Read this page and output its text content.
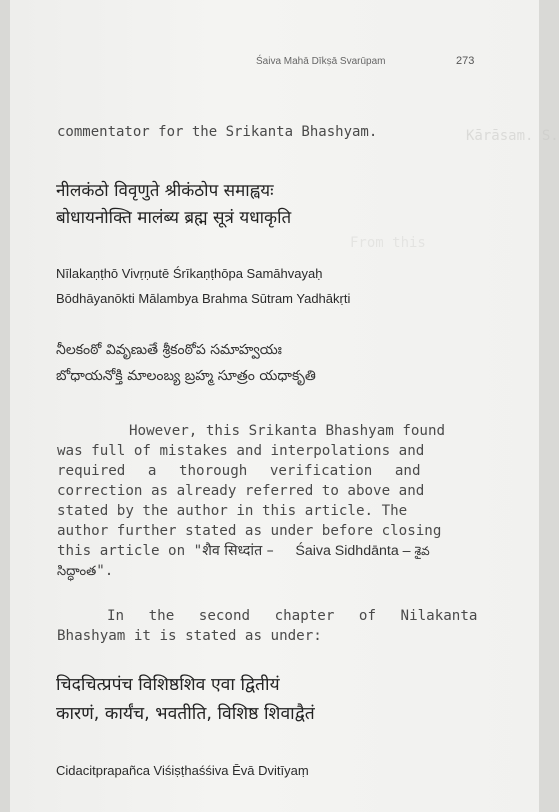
Kārāsam. S.
From this
Śaiva Mahā Dīkṣā Svarūpam	273
commentator for the Srikanta Bhashyam.
नीलकंठो विवृणुते श्रीकंठोप समाह्वयः
बोधायनोक्ति मालंब्य ब्रह्म सूत्रं यधाकृति
Nīlakaṇṭhō Vivṛṇutē Śrīkaṇṭhōpa Samāhvayaḥ
Bōdhāyanōkti Mālambya Brahma Sūtram Yadhākṛti
నీలకంఠో వివృణుతే శ్రీకంఠోప సమాహ్వయః
బోధాయనోక్తి మాలంబ్య బ్రహ్మ సూత్రం యధాకృతి
However, this Srikanta Bhashyam found
was full of mistakes and interpolations and
required a thorough verification and
correction as already referred to above and
stated by the author in this article. The
author further stated as under before closing
this article on "शैव सिध्दांत –   Śaiva Sidhdānta – శైవ
సిద్ధాంత".
In the second chapter of Nilakanta
Bhashyam it is stated as under:
चिदचित्प्रपंच विशिष्ठशिव एवा द्वितीयं
कारणं, कार्यंच, भवतीति, विशिष्ठ शिवाद्वैतं
Cidacitprapañca Viśiṣṭhaśśiva Ēvā Dvitīyaṃ
